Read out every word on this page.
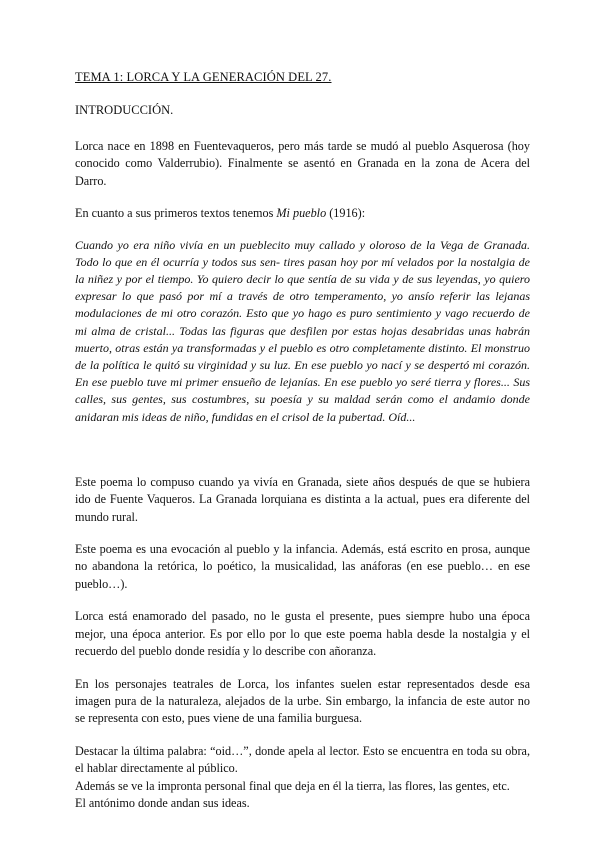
TEMA 1: LORCA Y LA GENERACIÓN DEL 27.
INTRODUCCIÓN.

Lorca nace en 1898 en Fuentevaqueros, pero más tarde se mudó al pueblo Asquerosa (hoy conocido como Valderrubio). Finalmente se asentó en Granada en la zona de Acera del Darro.

En cuanto a sus primeros textos tenemos Mi pueblo (1916):

Cuando yo era niño vivía en un pueblecito muy callado y oloroso de la Vega de Granada. Todo lo que en él ocurría y todos sus sen- tires pasan hoy por mí velados por la nostalgia de la niñez y por el tiempo. Yo quiero decir lo que sentía de su vida y de sus leyendas, yo quiero expresar lo que pasó por mí a través de otro temperamento, yo ansío referir las lejanas modulaciones de mi otro corazón. Esto que yo hago es puro sentimiento y vago recuerdo de mi alma de cristal... Todas las figuras que desfilen por estas hojas desabridas unas habrán muerto, otras están ya transformadas y el pueblo es otro completamente distinto. El monstruo de la política le quitó su virginidad y su luz. En ese pueblo yo nací y se despertó mi corazón. En ese pueblo tuve mi primer ensueño de lejanías. En ese pueblo yo seré tierra y flores... Sus calles, sus gentes, sus costumbres, su poesía y su maldad serán como el andamio donde anidaran mis ideas de niño, fundidas en el crisol de la pubertad. Oíd...

Este poema lo compuso cuando ya vivía en Granada, siete años después de que se hubiera ido de Fuente Vaqueros. La Granada lorquiana es distinta a la actual, pues era diferente del mundo rural.

Este poema es una evocación al pueblo y la infancia. Además, está escrito en prosa, aunque no abandona la retórica, lo poético, la musicalidad, las anáforas (en ese pueblo… en ese pueblo…).

Lorca está enamorado del pasado, no le gusta el presente, pues siempre hubo una época mejor, una época anterior. Es por ello por lo que este poema habla desde la nostalgia y el recuerdo del pueblo donde residía y lo describe con añoranza.

En los personajes teatrales de Lorca, los infantes suelen estar representados desde esa imagen pura de la naturaleza, alejados de la urbe. Sin embargo, la infancia de este autor no se representa con esto, pues viene de una familia burguesa.

Destacar la última palabra: “oid…”, donde apela al lector. Esto se encuentra en toda su obra, el hablar directamente al público.

Además se ve la impronta personal final que deja en él la tierra, las flores, las gentes, etc.

El antónimo donde andan sus ideas.
